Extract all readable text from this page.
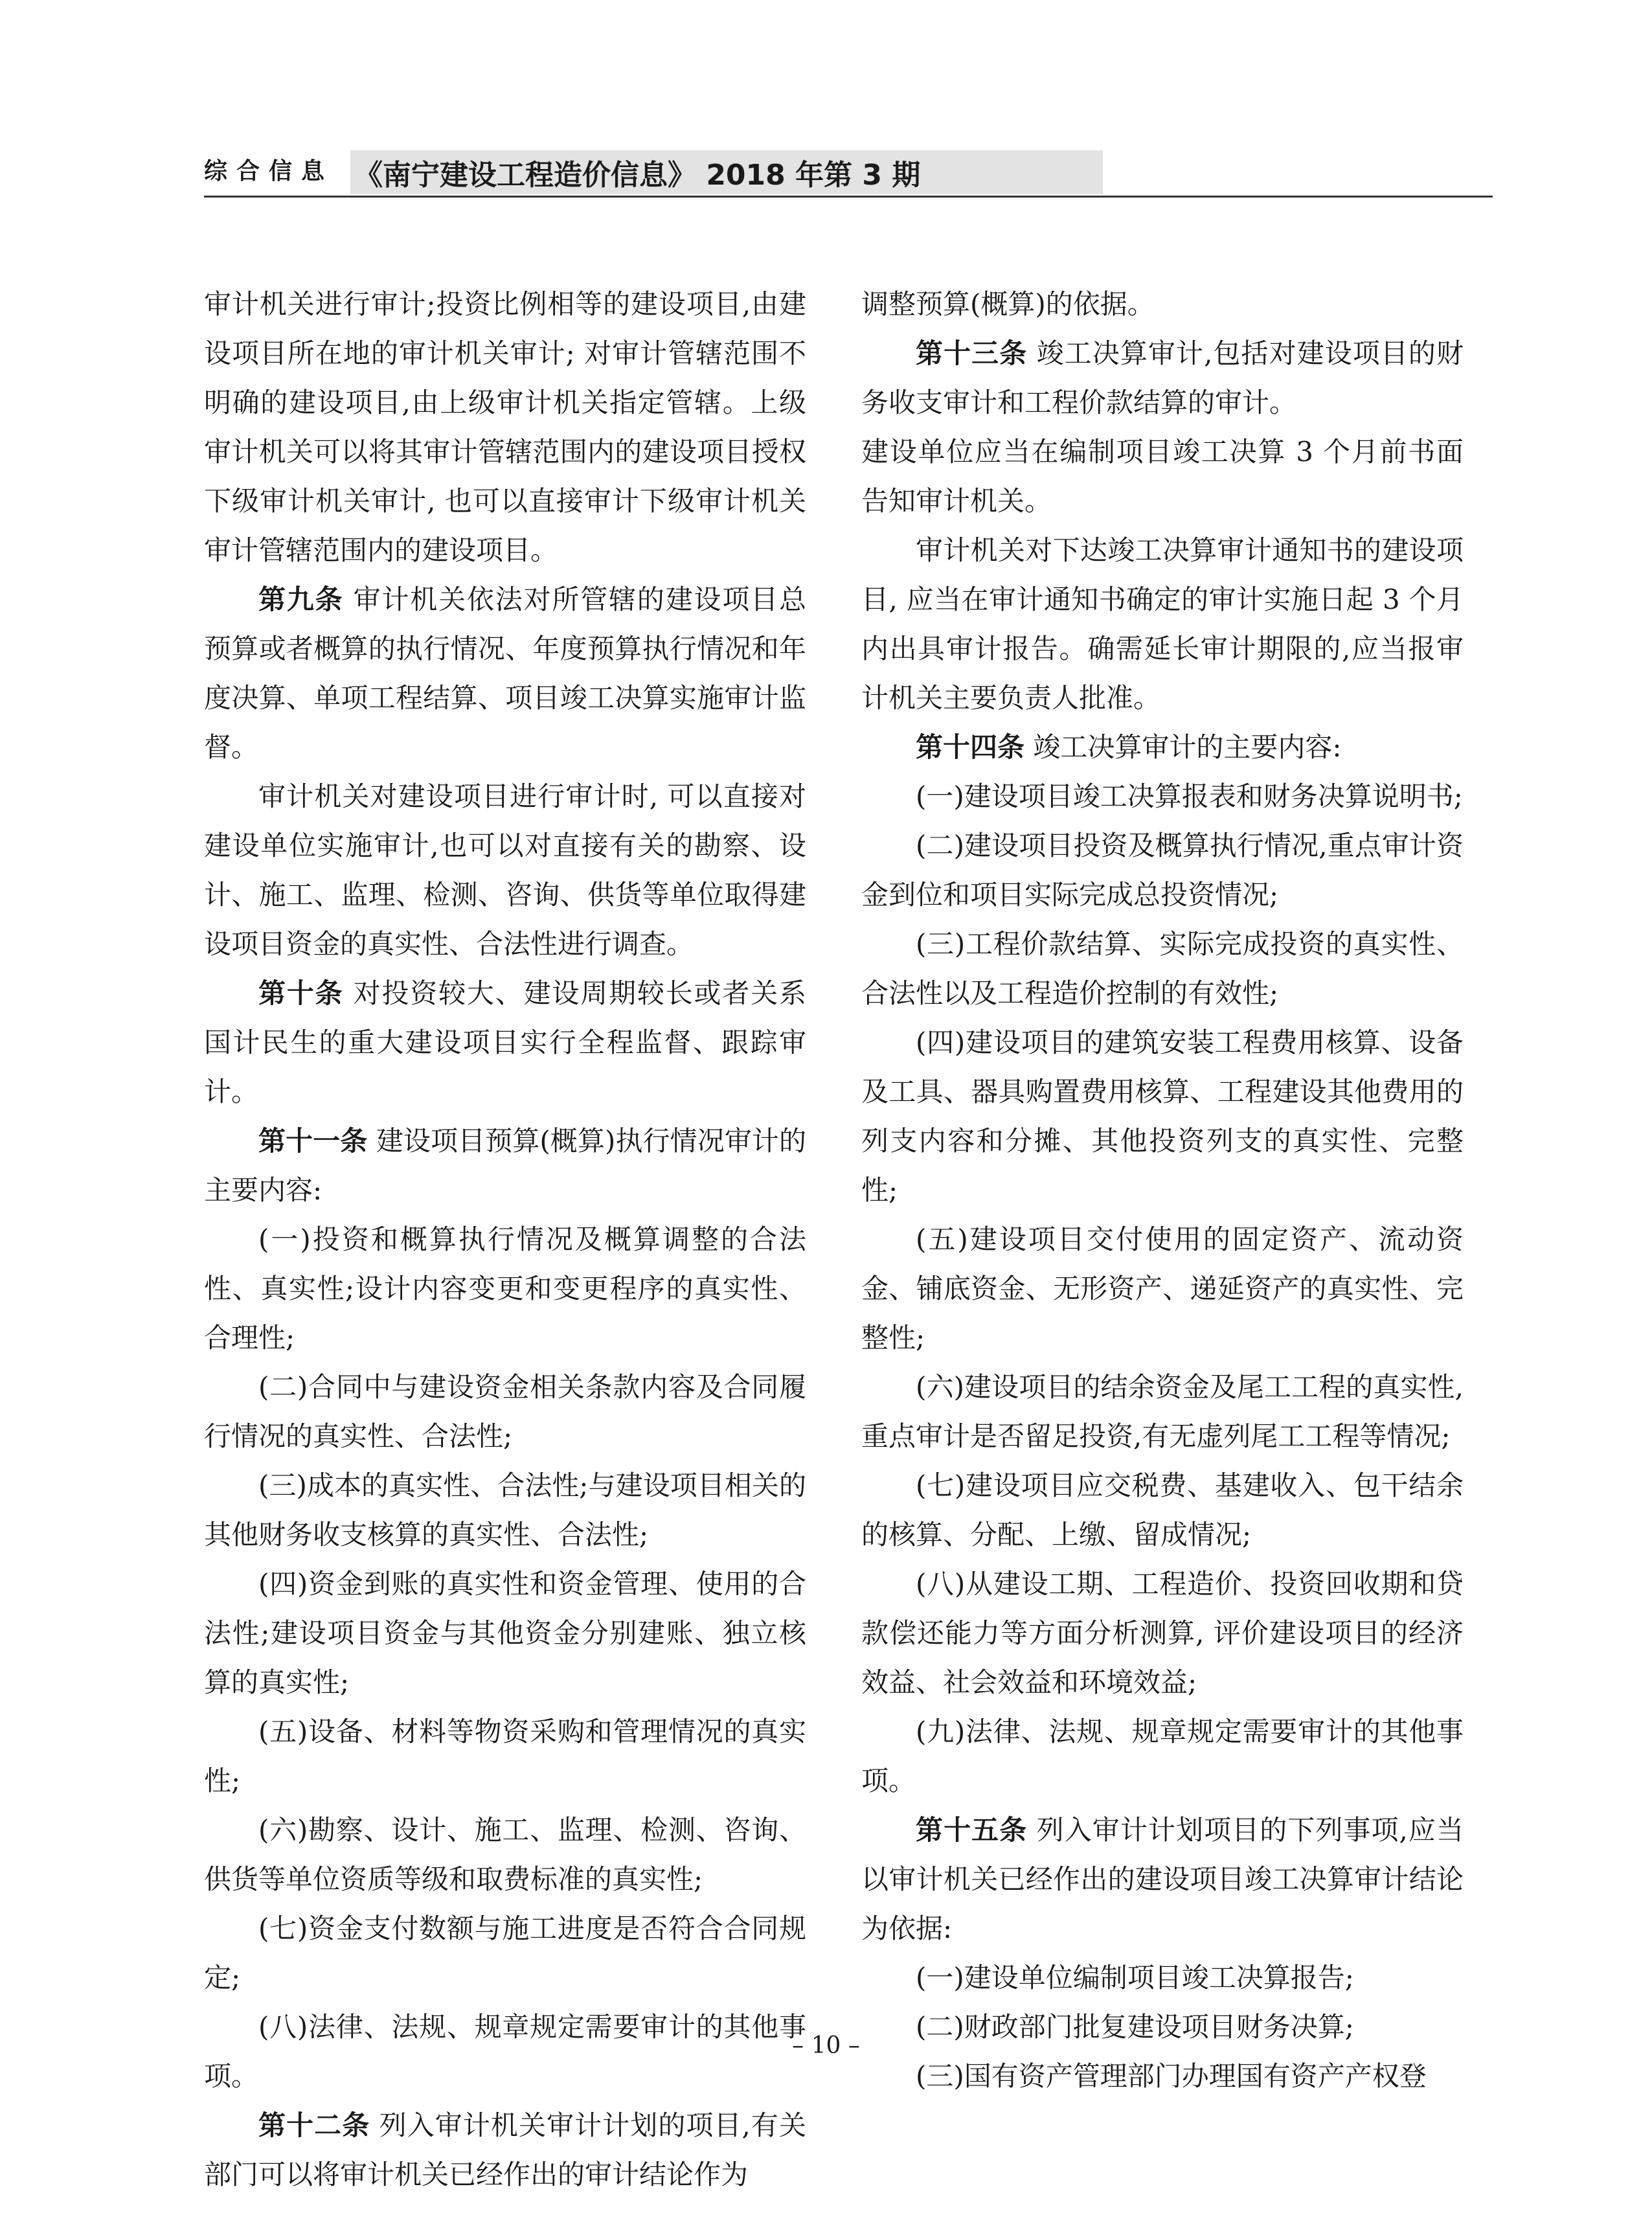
综合信息 《南宁建设工程造价信息》 2018 年第 3 期

审计机关进行审计;投资比例相等的建设项目,由建设项目所在地的审计机关审计; 对审计管辖范围不明确的建设项目,由上级审计机关指定管辖。上级审计机关可以将其审计管辖范围内的建设项目授权下级审计机关审计, 也可以直接审计下级审计机关审计管辖范围内的建设项目。

第九条 审计机关依法对所管辖的建设项目总预算或者概算的执行情况、年度预算执行情况和年度决算、单项工程结算、项目竣工决算实施审计监督。

审计机关对建设项目进行审计时, 可以直接对建设单位实施审计,也可以对直接有关的勘察、设计、施工、监理、检测、咨询、供货等单位取得建设项目资金的真实性、合法性进行调查。

第十条 对投资较大、建设周期较长或者关系国计民生的重大建设项目实行全程监督、跟踪审计。

第十一条 建设项目预算(概算)执行情况审计的主要内容:

(一)投资和概算执行情况及概算调整的合法性、真实性;设计内容变更和变更程序的真实性、合理性;

(二)合同中与建设资金相关条款内容及合同履行情况的真实性、合法性;

(三)成本的真实性、合法性;与建设项目相关的其他财务收支核算的真实性、合法性;

(四)资金到账的真实性和资金管理、使用的合法性;建设项目资金与其他资金分别建账、独立核算的真实性;

(五)设备、材料等物资采购和管理情况的真实性;

(六)勘察、设计、施工、监理、检测、咨询、供货等单位资质等级和取费标准的真实性;

(七)资金支付数额与施工进度是否符合合同规定;

(八)法律、法规、规章规定需要审计的其他事项。

第十二条 列入审计机关审计计划的项目,有关部门可以将审计机关已经作出的审计结论作为

调整预算(概算)的依据。

第十三条 竣工决算审计,包括对建设项目的财务收支审计和工程价款结算的审计。

建设单位应当在编制项目竣工决算 3 个月前书面告知审计机关。

审计机关对下达竣工决算审计通知书的建设项目, 应当在审计通知书确定的审计实施日起 3 个月内出具审计报告。确需延长审计期限的,应当报审计机关主要负责人批准。

第十四条 竣工决算审计的主要内容:

(一)建设项目竣工决算报表和财务决算说明书;

(二)建设项目投资及概算执行情况,重点审计资金到位和项目实际完成总投资情况;

(三)工程价款结算、实际完成投资的真实性、合法性以及工程造价控制的有效性;

(四)建设项目的建筑安装工程费用核算、设备及工具、器具购置费用核算、工程建设其他费用的列支内容和分摊、其他投资列支的真实性、完整性;

(五)建设项目交付使用的固定资产、流动资金、铺底资金、无形资产、递延资产的真实性、完整性;

(六)建设项目的结余资金及尾工工程的真实性,重点审计是否留足投资,有无虚列尾工工程等情况;

(七)建设项目应交税费、基建收入、包干结余的核算、分配、上缴、留成情况;

(八)从建设工期、工程造价、投资回收期和贷款偿还能力等方面分析测算, 评价建设项目的经济效益、社会效益和环境效益;

(九)法律、法规、规章规定需要审计的其他事项。

第十五条 列入审计计划项目的下列事项,应当以审计机关已经作出的建设项目竣工决算审计结论为依据:

(一)建设单位编制项目竣工决算报告;

(二)财政部门批复建设项目财务决算;

(三)国有资产管理部门办理国有资产产权登

– 10 –
